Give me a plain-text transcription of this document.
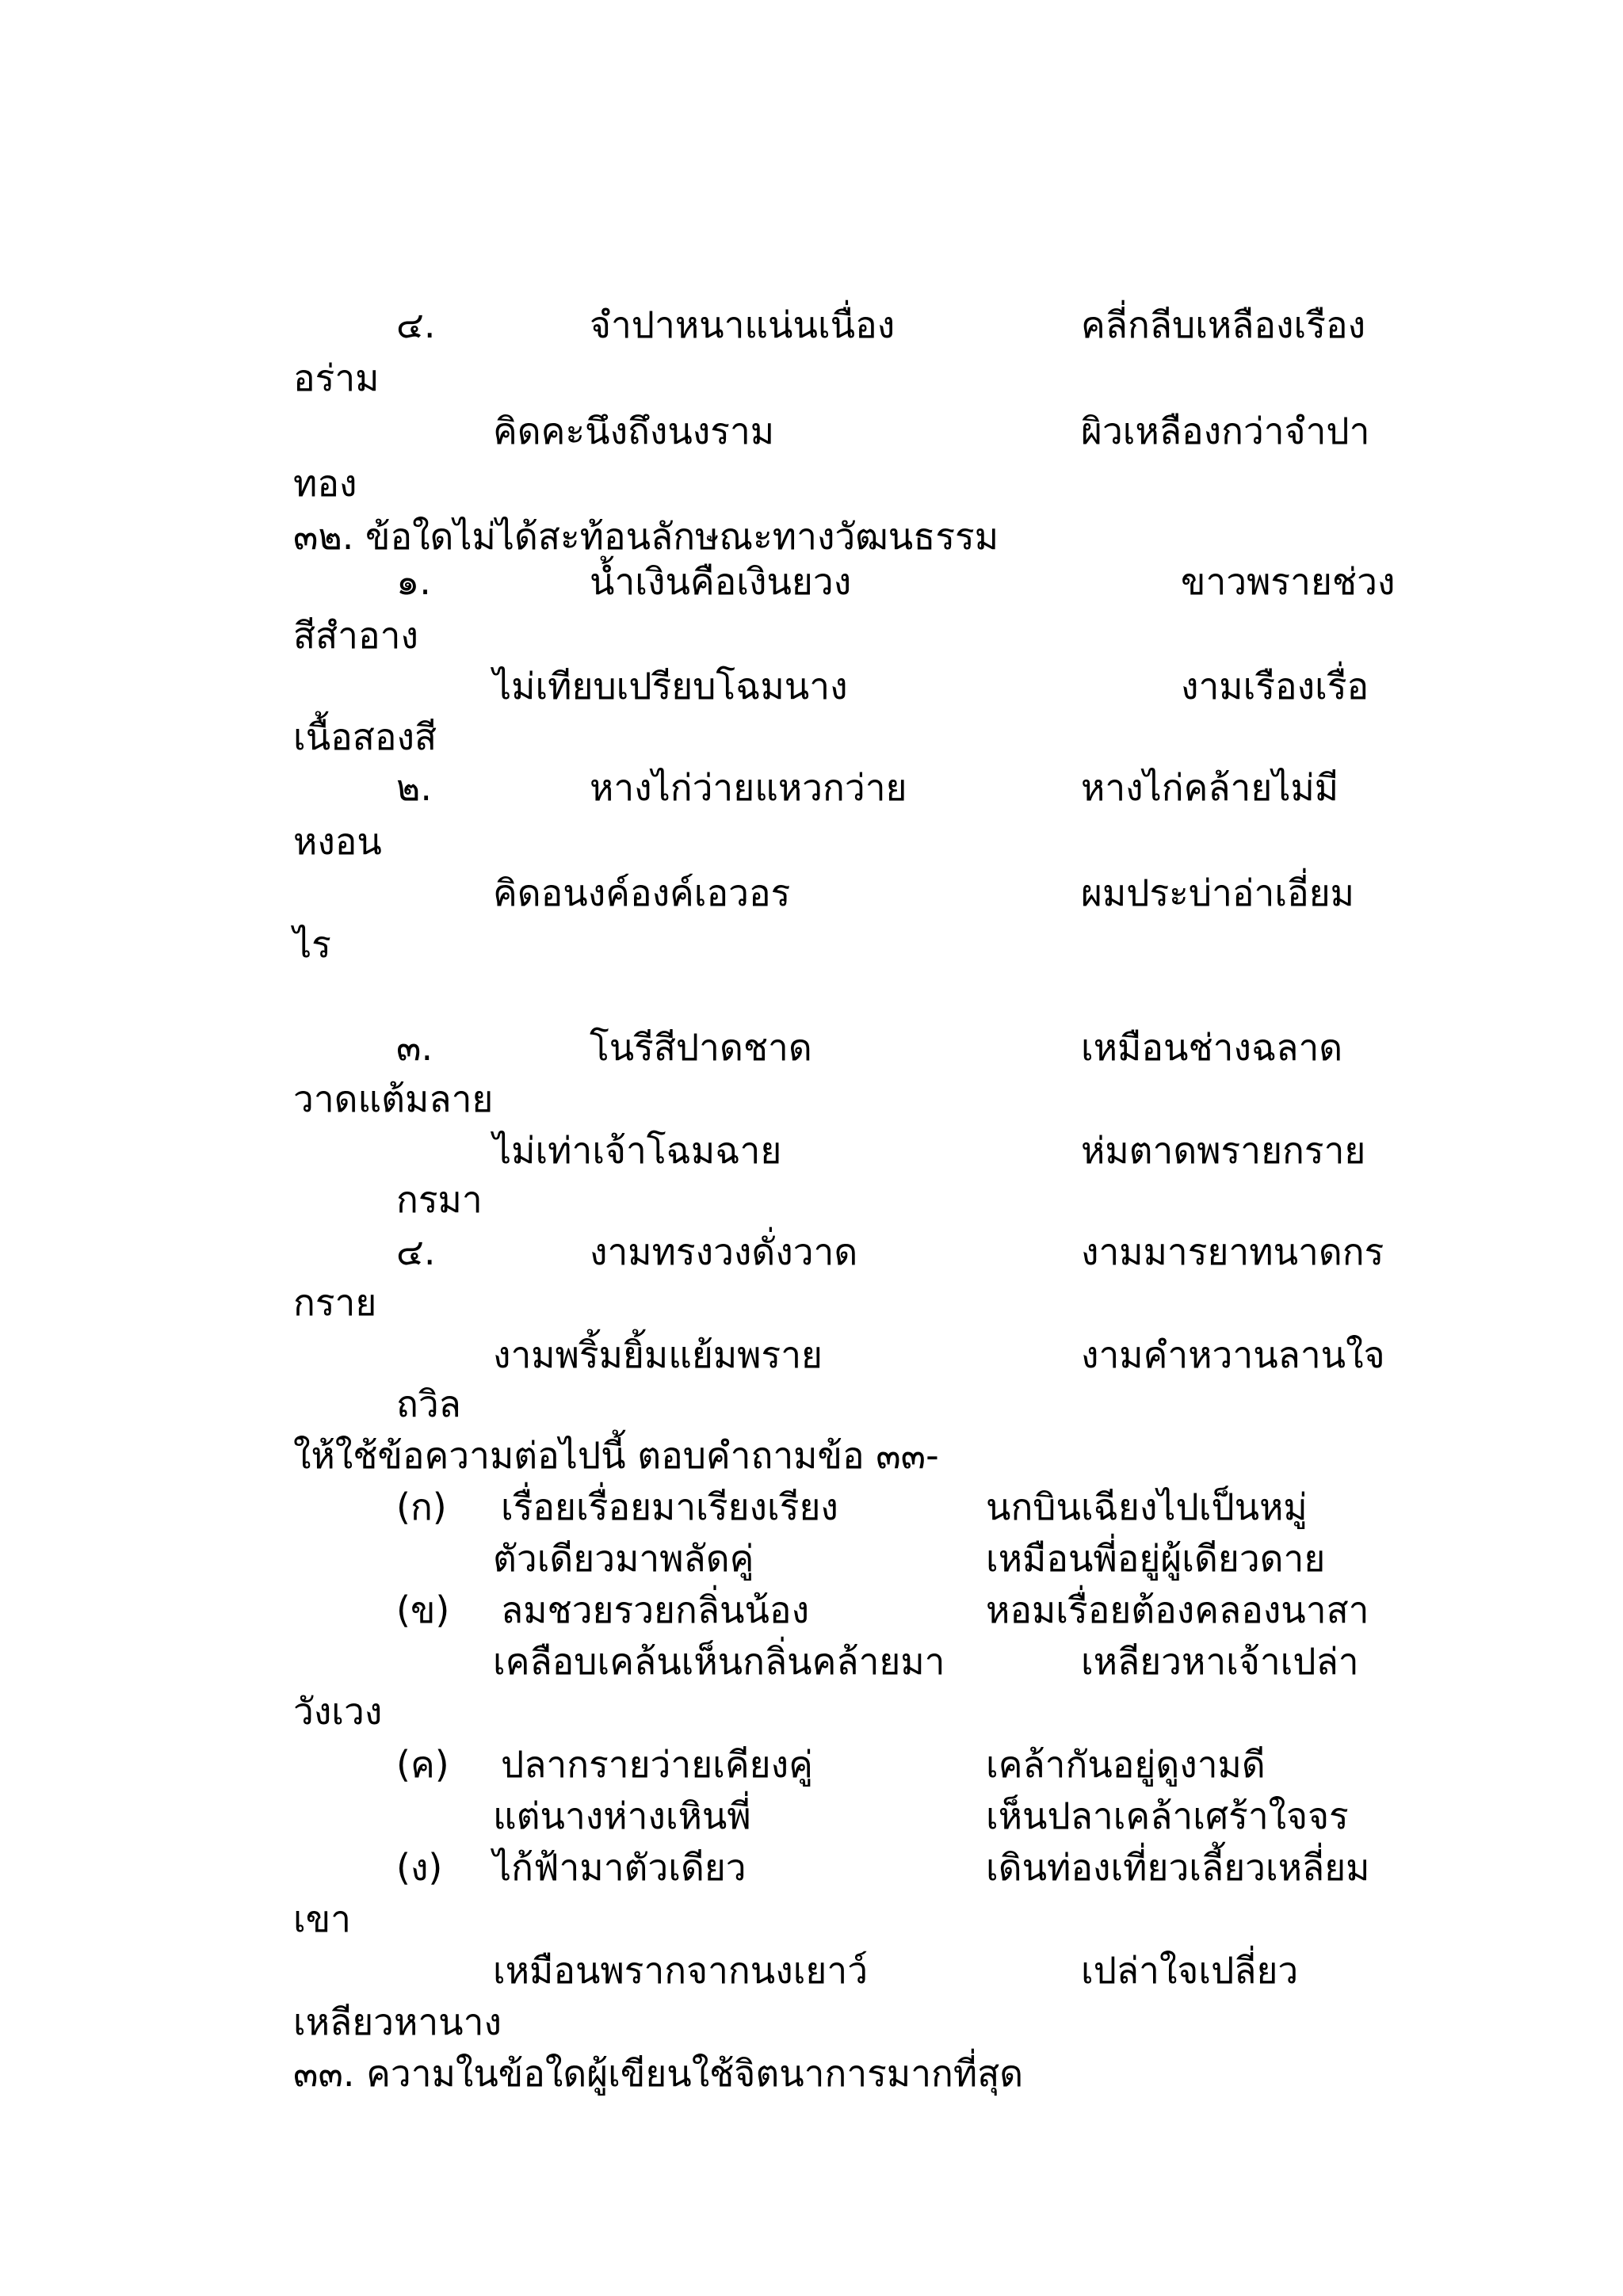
๔.	จำปาหนาแน่นเนื่อง	คลี่กลีบเหลืองเรือง
อร่าม
คิดคะนึงถึงนงราม	ผิวเหลืองกว่าจำปา
ทอง
๓๒. ข้อใดไม่ได้สะท้อนลักษณะทางวัฒนธรรม
๑.	น้ำเงินคือเงินยวง	ขาวพรายช่วง
สีสำอาง
ไม่เทียบเปรียบโฉมนาง	งามเรืองเรื่อ
เนื้อสองสี
๒.	หางไก่ว่ายแหวกว่าย	หางไก่คล้ายไม่มี
หงอน
คิดอนงค์องค์เอวอร	ผมประบ่าอ่าเอี่ยม
ไร
๓.	โนรีสีปาดชาด	เหมือนช่างฉลาด
วาดแต้มลาย
ไม่เท่าเจ้าโฉมฉาย	ห่มตาดพรายกราย
กรมา
๔.	งามทรงวงดั่งวาด	งามมารยาทนาดกร
กราย
งามพริ้มยิ้มแย้มพราย	งามคำหวานลานใจ
ถวิล
ให้ใช้ข้อความต่อไปนี้ ตอบคำถามข้อ ๓๓-
(ก) เรื่อยเรื่อยมาเรียงเรียง	นกบินเฉียงไปเป็นหมู่
ตัวเดียวมาพลัดคู่	เหมือนพี่อยู่ผู้เดียวดาย
(ข) ลมชวยรวยกลิ่นน้อง	หอมเรื่อยต้องคลองนาสา
เคลือบเคล้นเห็นกลิ่นคล้ายมา	เหลียวหาเจ้าเปล่า
วังเวง
(ค) ปลากรายว่ายเคียงคู่	เคล้ากันอยู่ดูงามดี
แต่นางห่างเหินพี่	เห็นปลาเคล้าเศร้าใจจร
(ง) ไก้ฟ้ามาตัวเดียว	เดินท่องเที่ยวเลี้ยวเหลี่ยม
เขา
เหมือนพรากจากนงเยาว์	เปล่าใจเปลี่ยว
เหลียวหานาง
๓๓. ความในข้อใดผู้เขียนใช้จิตนาการมากที่สุด
